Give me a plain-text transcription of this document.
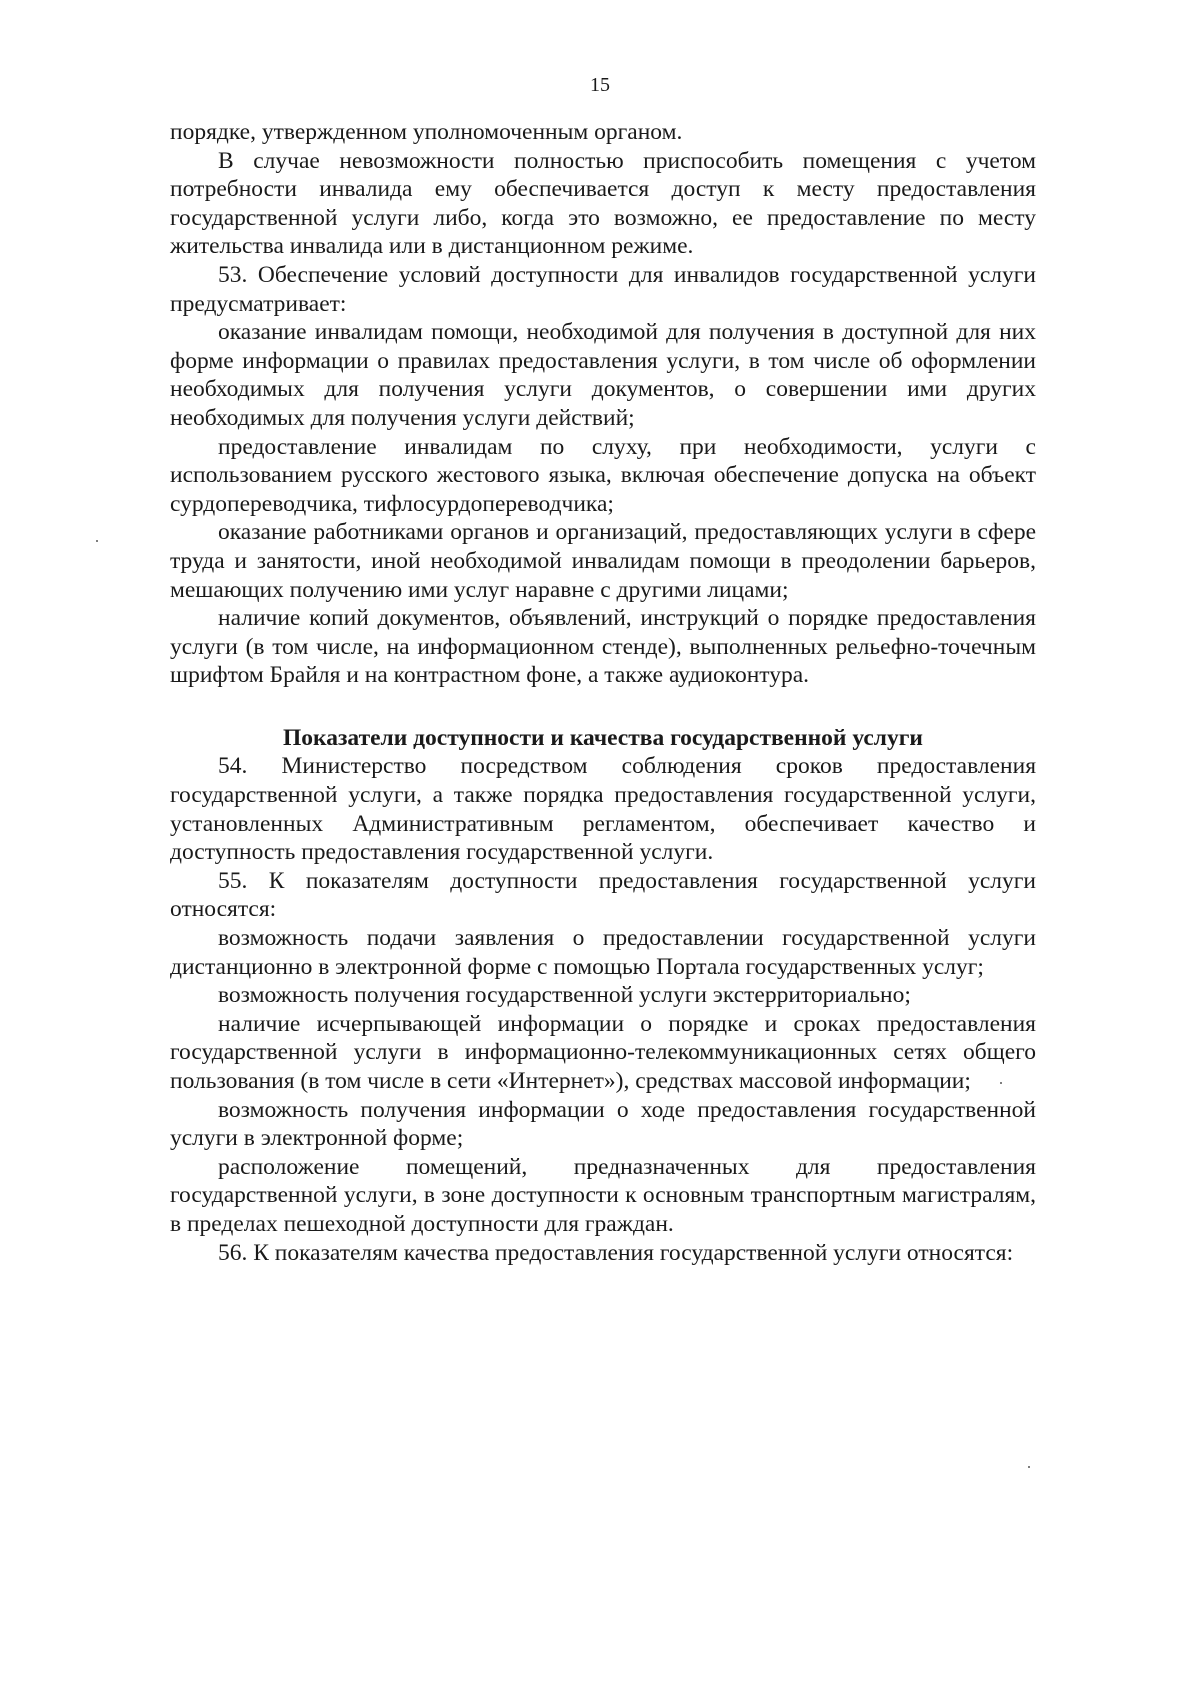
15

порядке, утвержденном уполномоченным органом.

В случае невозможности полностью приспособить помещения с учетом потребности инвалида ему обеспечивается доступ к месту предоставления государственной услуги либо, когда это возможно, ее предоставление по месту жительства инвалида или в дистанционном режиме.

53. Обеспечение условий доступности для инвалидов государственной услуги предусматривает:

оказание инвалидам помощи, необходимой для получения в доступной для них форме информации о правилах предоставления услуги, в том числе об оформлении необходимых для получения услуги документов, о совершении ими других необходимых для получения услуги действий;

предоставление инвалидам по слуху, при необходимости, услуги с использованием русского жестового языка, включая обеспечение допуска на объект сурдопереводчика, тифлосурдопереводчика;

оказание работниками органов и организаций, предоставляющих услуги в сфере труда и занятости, иной необходимой инвалидам помощи в преодолении барьеров, мешающих получению ими услуг наравне с другими лицами;

наличие копий документов, объявлений, инструкций о порядке предоставления услуги (в том числе, на информационном стенде), выполненных рельефно-точечным шрифтом Брайля и на контрастном фоне, а также аудиоконтура.

Показатели доступности и качества государственной услуги

54. Министерство посредством соблюдения сроков предоставления государственной услуги, а также порядка предоставления государственной услуги, установленных Административным регламентом, обеспечивает качество и доступность предоставления государственной услуги.

55. К показателям доступности предоставления государственной услуги относятся:

возможность подачи заявления о предоставлении государственной услуги дистанционно в электронной форме с помощью Портала государственных услуг;

возможность получения государственной услуги экстерриториально;

наличие исчерпывающей информации о порядке и сроках предоставления государственной услуги в информационно-телекоммуникационных сетях общего пользования (в том числе в сети «Интернет»), средствах массовой информации;

возможность получения информации о ходе предоставления государственной услуги в электронной форме;

расположение помещений, предназначенных для предоставления государственной услуги, в зоне доступности к основным транспортным магистралям, в пределах пешеходной доступности для граждан.

56. К показателям качества предоставления государственной услуги относятся:
